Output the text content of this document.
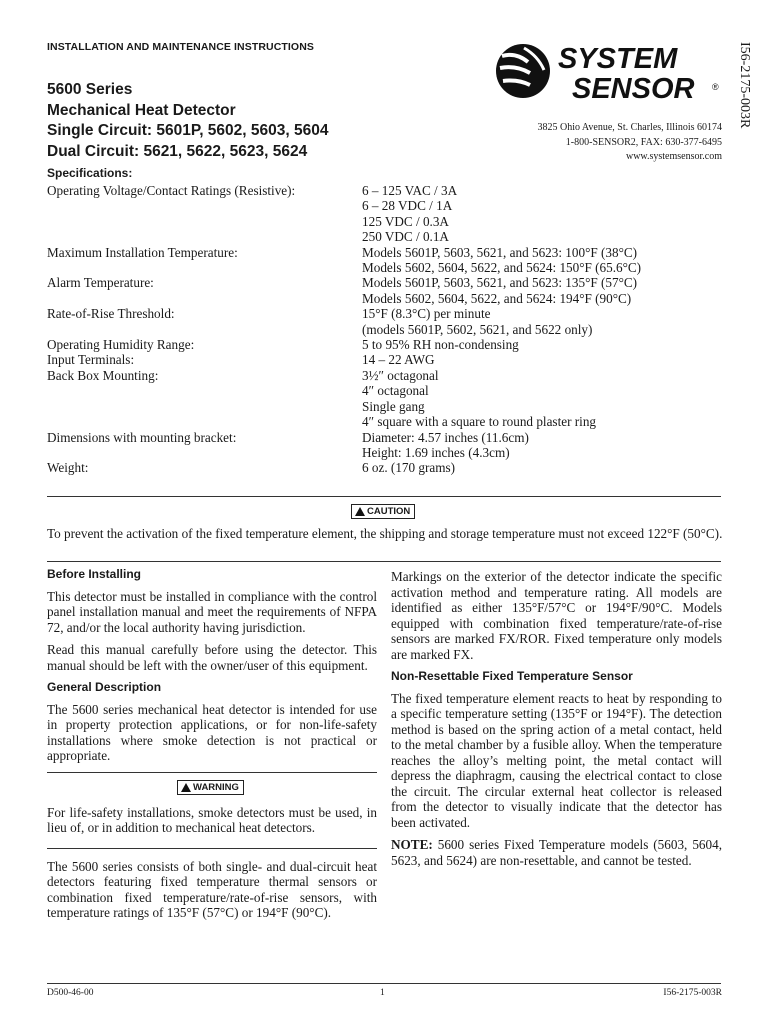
INSTALLATION AND MAINTENANCE INSTRUCTIONS
5600 Series
Mechanical Heat Detector
Single Circuit: 5601P, 5602, 5603, 5604
Dual Circuit: 5621, 5622, 5623, 5624
SYSTEM
SENSOR ®
3825 Ohio Avenue, St. Charles, Illinois 60174
1-800-SENSOR2, FAX: 630-377-6495
www.systemsensor.com
I56-2175-003R
Specifications:
Operating Voltage/Contact Ratings (Resistive):	6 – 125 VAC / 3A
6 – 28 VDC / 1A
125 VDC / 0.3A
250 VDC / 0.1A
Maximum Installation Temperature:	Models 5601P, 5603, 5621, and 5623: 100°F (38°C)
Models 5602, 5604, 5622, and 5624: 150°F (65.6°C)
Alarm Temperature:	Models 5601P, 5603, 5621, and 5623: 135°F (57°C)
Models 5602, 5604, 5622, and 5624: 194°F (90°C)
Rate-of-Rise Threshold:	15°F (8.3°C) per minute
(models 5601P, 5602, 5621, and 5622 only)
Operating Humidity Range:	5 to 95% RH non-condensing
Input Terminals:	14 – 22 AWG
Back Box Mounting:	3½″ octagonal
4″ octagonal
Single gang
4″ square with a square to round plaster ring
Dimensions with mounting bracket:	Diameter: 4.57 inches (11.6cm)
Height: 1.69 inches (4.3cm)
Weight:	6 oz. (170 grams)
CAUTION
To prevent the activation of the fixed temperature element, the shipping and storage temperature must not exceed 122°F (50°C).
Before Installing

This detector must be installed in compliance with the control panel installation manual and meet the requirements of NFPA 72, and/or the local authority having jurisdiction.

Read this manual carefully before using the detector. This manual should be left with the owner/user of this equipment.

General Description

The 5600 series mechanical heat detector is intended for use in property protection applications, or for non-life-safety installations where smoke detection is not practical or appropriate.

WARNING

For life-safety installations, smoke detectors must be used, in lieu of, or in addition to mechanical heat detectors.

The 5600 series consists of both single- and dual-circuit heat detectors featuring fixed temperature thermal sensors or combination fixed temperature/rate-of-rise sensors, with temperature ratings of 135°F (57°C) or 194°F (90°C).

Markings on the exterior of the detector indicate the specific activation method and temperature rating. All models are identified as either 135°F/57°C or 194°F/90°C. Models equipped with combination fixed temperature/rate-of-rise sensors are marked FX/ROR. Fixed temperature only models are marked FX.

Non-Resettable Fixed Temperature Sensor

The fixed temperature element reacts to heat by responding to a specific temperature setting (135°F or 194°F). The detection method is based on the spring action of a metal contact, held to the metal chamber by a fusible alloy. When the temperature reaches the alloy’s melting point, the metal contact will depress the diaphragm, causing the electrical contact to close the circuit. The circular external heat collector is released from the detector to visually indicate that the detector has been activated.

NOTE: 5600 series Fixed Temperature models (5603, 5604, 5623, and 5624) are non-resettable, and cannot be tested.

D500-46-00	1	I56-2175-003R
